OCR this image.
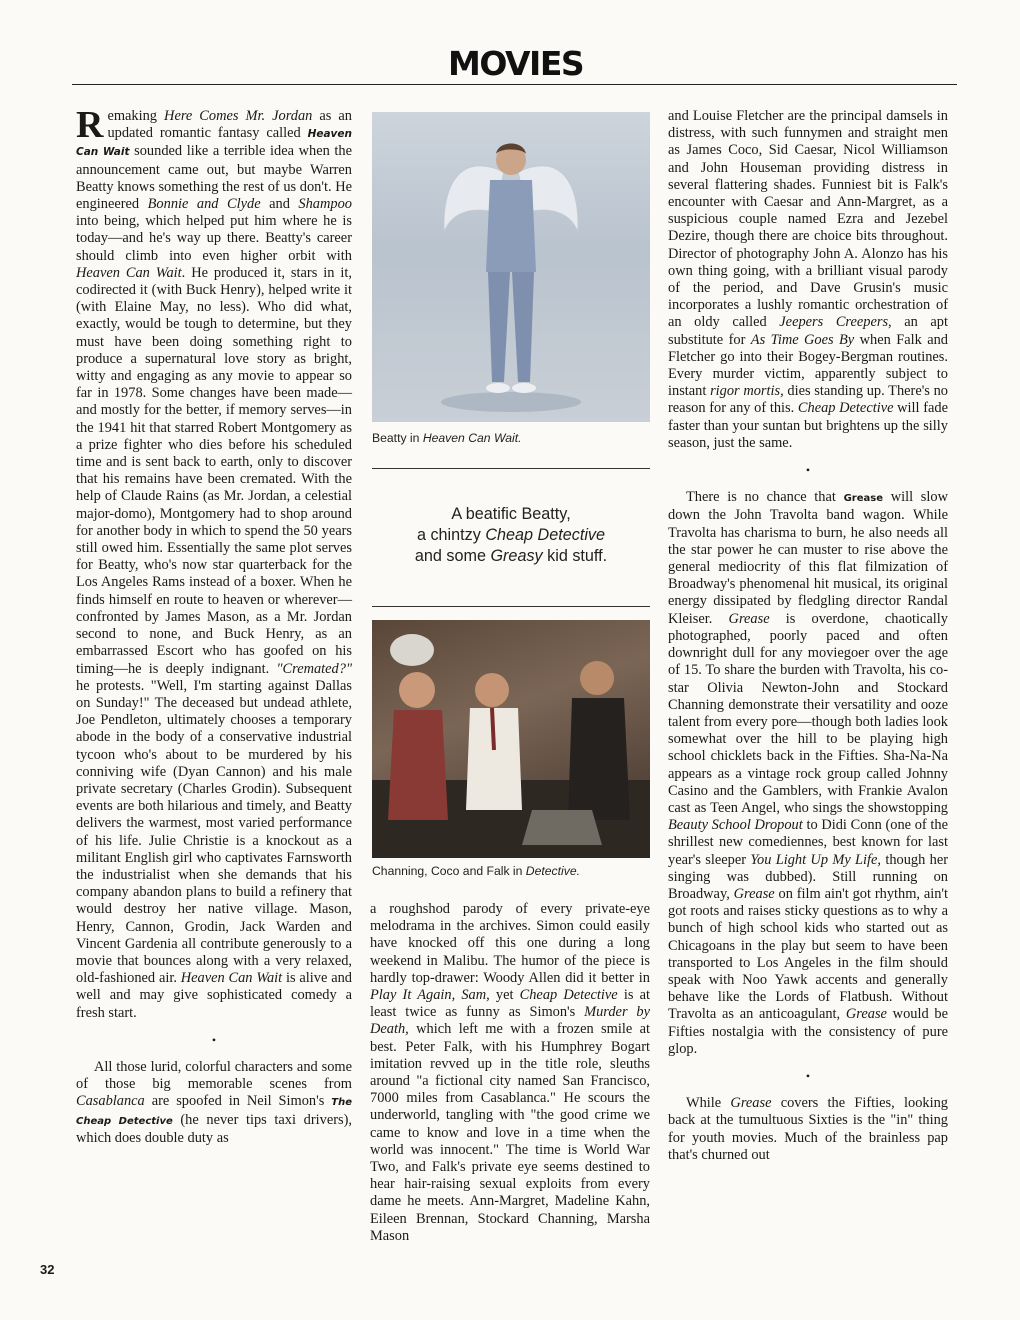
MOVIES

Remaking Here Comes Mr. Jordan as an updated romantic fantasy called Heaven Can Wait sounded like a terrible idea when the announcement came out, but maybe Warren Beatty knows something the rest of us don't. He engineered Bonnie and Clyde and Shampoo into being, which helped put him where he is today—and he's way up there. Beatty's career should climb into even higher orbit with Heaven Can Wait. He produced it, stars in it, codirected it (with Buck Henry), helped write it (with Elaine May, no less). Who did what, exactly, would be tough to determine, but they must have been doing something right to produce a supernatural love story as bright, witty and engaging as any movie to appear so far in 1978. Some changes have been made—and mostly for the better, if memory serves—in the 1941 hit that starred Robert Montgomery as a prize fighter who dies before his scheduled time and is sent back to earth, only to discover that his remains have been cremated. With the help of Claude Rains (as Mr. Jordan, a celestial major-domo), Montgomery had to shop around for another body in which to spend the 50 years still owed him. Essentially the same plot serves for Beatty, who's now star quarterback for the Los Angeles Rams instead of a boxer. When he finds himself en route to heaven or wherever—confronted by James Mason, as a Mr. Jordan second to none, and Buck Henry, as an embarrassed Escort who has goofed on his timing—he is deeply indignant. "Cremated?" he protests. "Well, I'm starting against Dallas on Sunday!" The deceased but undead athlete, Joe Pendleton, ultimately chooses a temporary abode in the body of a conservative industrial tycoon who's about to be murdered by his conniving wife (Dyan Cannon) and his male private secretary (Charles Grodin). Subsequent events are both hilarious and timely, and Beatty delivers the warmest, most varied performance of his life. Julie Christie is a knockout as a militant English girl who captivates Farnsworth the industrialist when she demands that his company abandon plans to build a refinery that would destroy her native village. Mason, Henry, Cannon, Grodin, Jack Warden and Vincent Gardenia all contribute generously to a movie that bounces along with a very relaxed, old-fashioned air. Heaven Can Wait is alive and well and may give sophisticated comedy a fresh start.

•

All those lurid, colorful characters and some of those big memorable scenes from Casablanca are spoofed in Neil Simon's The Cheap Detective (he never tips taxi drivers), which does double duty as

Beatty in Heaven Can Wait.
A beatific Beatty,
a chintzy Cheap Detective
and some Greasy kid stuff.
Channing, Coco and Falk in Detective.

a roughshod parody of every private-eye melodrama in the archives. Simon could easily have knocked off this one during a long weekend in Malibu. The humor of the piece is hardly top-drawer: Woody Allen did it better in Play It Again, Sam, yet Cheap Detective is at least twice as funny as Simon's Murder by Death, which left me with a frozen smile at best. Peter Falk, with his Humphrey Bogart imitation revved up in the title role, sleuths around "a fictional city named San Francisco, 7000 miles from Casablanca." He scours the underworld, tangling with "the good crime we came to know and love in a time when the world was innocent." The time is World War Two, and Falk's private eye seems destined to hear hair-raising sexual exploits from every dame he meets. Ann-Margret, Madeline Kahn, Eileen Brennan, Stockard Channing, Marsha Mason

and Louise Fletcher are the principal damsels in distress, with such funnymen and straight men as James Coco, Sid Caesar, Nicol Williamson and John Houseman providing distress in several flattering shades. Funniest bit is Falk's encounter with Caesar and Ann-Margret, as a suspicious couple named Ezra and Jezebel Dezire, though there are choice bits throughout. Director of photography John A. Alonzo has his own thing going, with a brilliant visual parody of the period, and Dave Grusin's music incorporates a lushly romantic orchestration of an oldy called Jeepers Creepers, an apt substitute for As Time Goes By when Falk and Fletcher go into their Bogey-Bergman routines. Every murder victim, apparently subject to instant rigor mortis, dies standing up. There's no reason for any of this. Cheap Detective will fade faster than your suntan but brightens up the silly season, just the same.

•

There is no chance that Grease will slow down the John Travolta band wagon. While Travolta has charisma to burn, he also needs all the star power he can muster to rise above the general mediocrity of this flat filmization of Broadway's phenomenal hit musical, its original energy dissipated by fledgling director Randal Kleiser. Grease is overdone, chaotically photographed, poorly paced and often downright dull for any moviegoer over the age of 15. To share the burden with Travolta, his co-star Olivia Newton-John and Stockard Channing demonstrate their versatility and ooze talent from every pore—though both ladies look somewhat over the hill to be playing high school chicklets back in the Fifties. Sha-Na-Na appears as a vintage rock group called Johnny Casino and the Gamblers, with Frankie Avalon cast as Teen Angel, who sings the showstopping Beauty School Dropout to Didi Conn (one of the shrillest new comediennes, best known for last year's sleeper You Light Up My Life, though her singing was dubbed). Still running on Broadway, Grease on film ain't got rhythm, ain't got roots and raises sticky questions as to why a bunch of high school kids who started out as Chicagoans in the play but seem to have been transported to Los Angeles in the film should speak with Noo Yawk accents and generally behave like the Lords of Flatbush. Without Travolta as an anticoagulant, Grease would be Fifties nostalgia with the consistency of pure glop.

•

While Grease covers the Fifties, looking back at the tumultuous Sixties is the "in" thing for youth movies. Much of the brainless pap that's churned out

32
